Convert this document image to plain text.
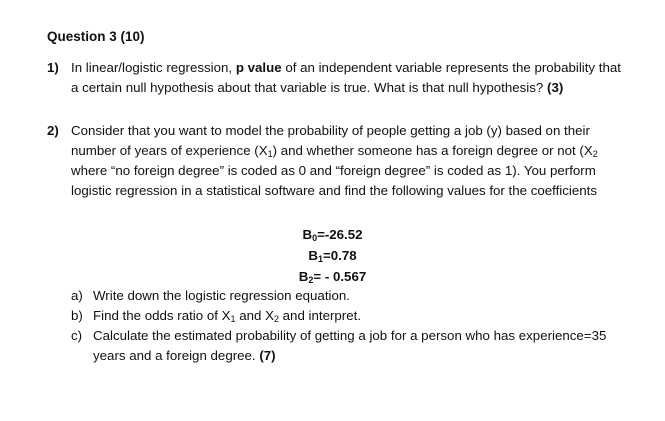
Question 3 (10)
1) In linear/logistic regression, p value of an independent variable represents the probability that a certain null hypothesis about that variable is true. What is that null hypothesis? (3)
2) Consider that you want to model the probability of people getting a job (y) based on their number of years of experience $(X_1)$ and whether someone has a foreign degree or not ($X_2$ where “no foreign degree” is coded as 0 and “foreign degree” is coded as 1). You perform logistic regression in a statistical software and find the following values for the coefficients
$B_0=-26.52$
$B_1=0.78$
$B_2= - 0.567$
a) Write down the logistic regression equation.
b) Find the odds ratio of $X_1$ and $X_2$ and interpret.
c) Calculate the estimated probability of getting a job for a person who has experience=35 years and a foreign degree. (7)
